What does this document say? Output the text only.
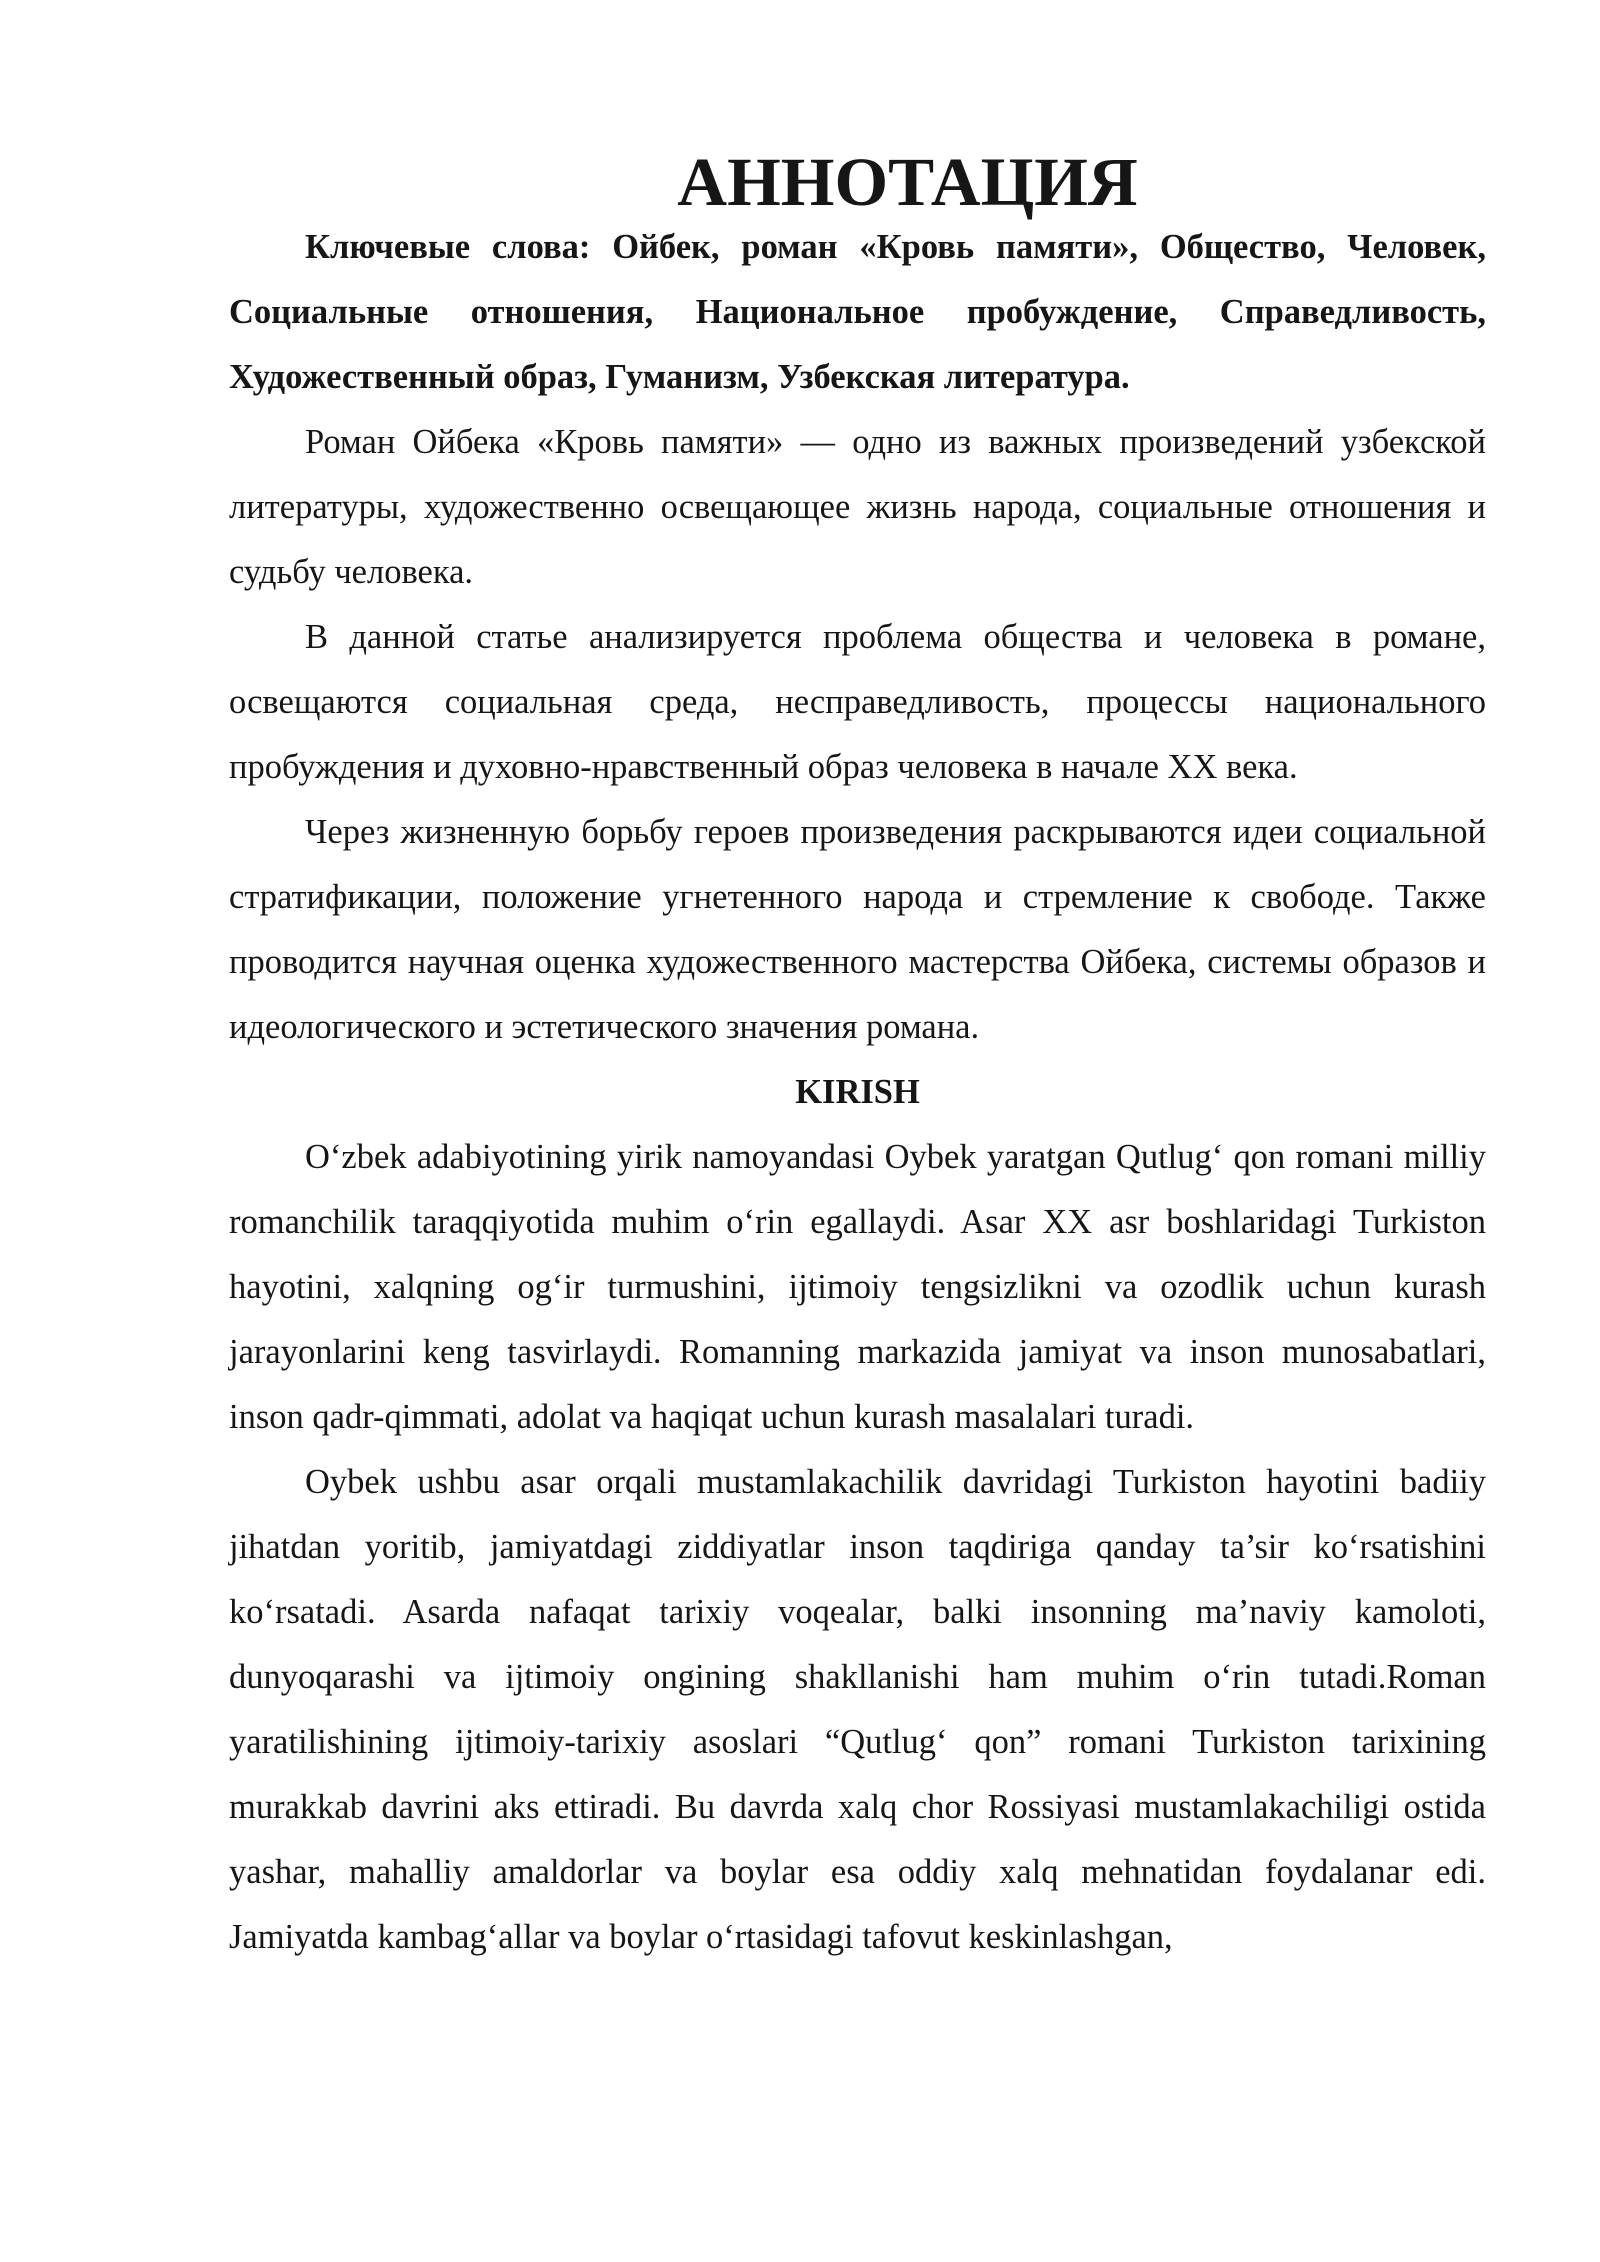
АННОТАЦИЯ

Ключевые слова: Ойбек, роман «Кровь памяти», Общество, Человек, Социальные отношения, Национальное пробуждение, Справедливость, Художественный образ, Гуманизм, Узбекская литература.

Роман Ойбека «Кровь памяти» — одно из важных произведений узбекской литературы, художественно освещающее жизнь народа, социальные отношения и судьбу человека.

В данной статье анализируется проблема общества и человека в романе, освещаются социальная среда, несправедливость, процессы национального пробуждения и духовно-нравственный образ человека в начале XX века.

Через жизненную борьбу героев произведения раскрываются идеи социальной стратификации, положение угнетенного народа и стремление к свободе. Также проводится научная оценка художественного мастерства Ойбека, системы образов и идеологического и эстетического значения романа.

KIRISH

O‘zbek adabiyotining yirik namoyandasi Oybek yaratgan Qutlug‘ qon romani milliy romanchilik taraqqiyotida muhim o‘rin egallaydi. Asar XX asr boshlaridagi Turkiston hayotini, xalqning og‘ir turmushini, ijtimoiy tengsizlikni va ozodlik uchun kurash jarayonlarini keng tasvirlaydi. Romanning markazida jamiyat va inson munosabatlari, inson qadr-qimmati, adolat va haqiqat uchun kurash masalalari turadi.

Oybek ushbu asar orqali mustamlakachilik davridagi Turkiston hayotini badiiy jihatdan yoritib, jamiyatdagi ziddiyatlar inson taqdiriga qanday ta’sir ko‘rsatishini ko‘rsatadi. Asarda nafaqat tarixiy voqealar, balki insonning ma’naviy kamoloti, dunyoqarashi va ijtimoiy ongining shakllanishi ham muhim o‘rin tutadi.Roman yaratilishining ijtimoiy-tarixiy asoslari “Qutlug‘ qon” romani Turkiston tarixining murakkab davrini aks ettiradi. Bu davrda xalq chor Rossiyasi mustamlakachiligi ostida yashar, mahalliy amaldorlar va boylar esa oddiy xalq mehnatidan foydalanar edi. Jamiyatda kambag‘allar va boylar o‘rtasidagi tafovut keskinlashgan,
